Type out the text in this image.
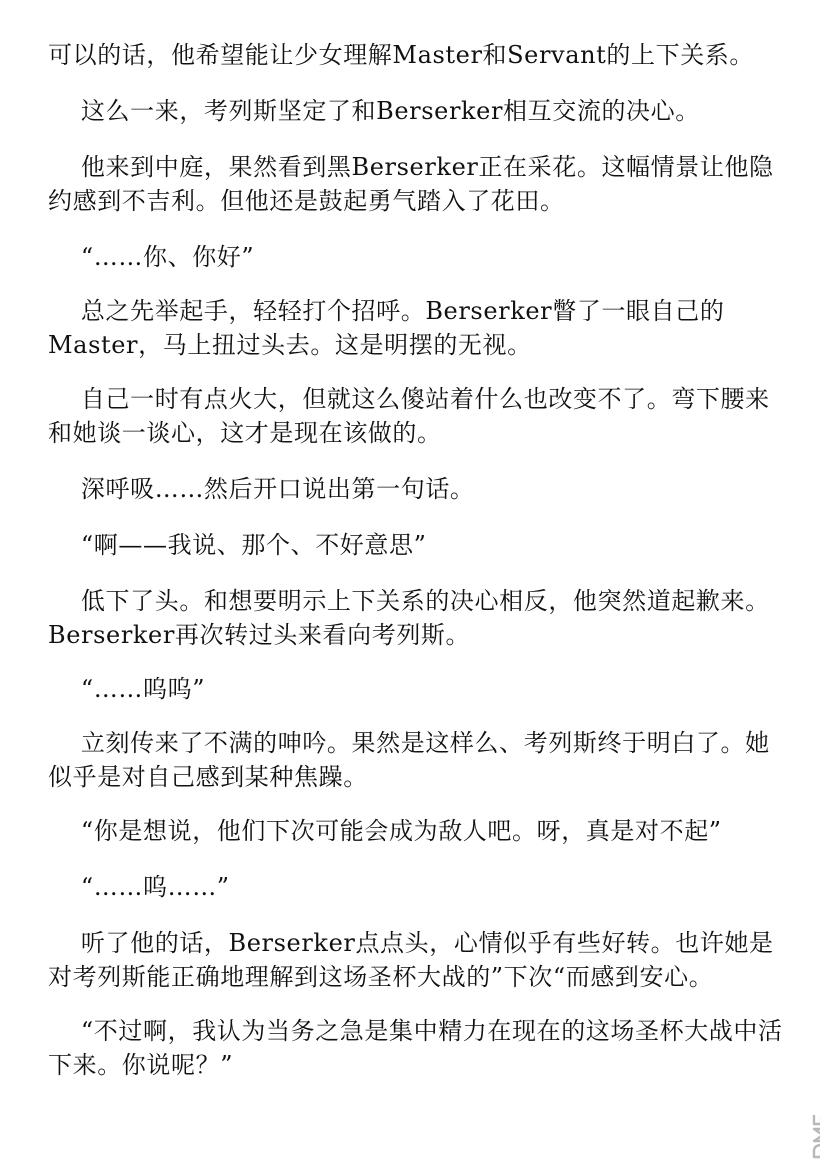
可以的话，他希望能让少女理解Master和Servant的上下关系。

这么一来，考列斯坚定了和Berserker相互交流的决心。

他来到中庭，果然看到黑Berserker正在采花。这幅情景让他隐约感到不吉利。但他还是鼓起勇气踏入了花田。

“……你、你好”

总之先举起手，轻轻打个招呼。Berserker瞥了一眼自己的Master，马上扭过头去。这是明摆的无视。

自己一时有点火大，但就这么傻站着什么也改变不了。弯下腰来和她谈一谈心，这才是现在该做的。

深呼吸……然后开口说出第一句话。

“啊——我说、那个、不好意思”

低下了头。和想要明示上下关系的决心相反，他突然道起歉来。Berserker再次转过头来看向考列斯。

“……呜呜”

立刻传来了不满的呻吟。果然是这样么、考列斯终于明白了。她似乎是对自己感到某种焦躁。

“你是想说，他们下次可能会成为敌人吧。呀，真是对不起”

“……呜……”

听了他的话，Berserker点点头，心情似乎有些好转。也许她是对考列斯能正确地理解到这场圣杯大战的”下次“而感到安心。

“不过啊，我认为当务之急是集中精力在现在的这场圣杯大战中活下来。你说呢？”
